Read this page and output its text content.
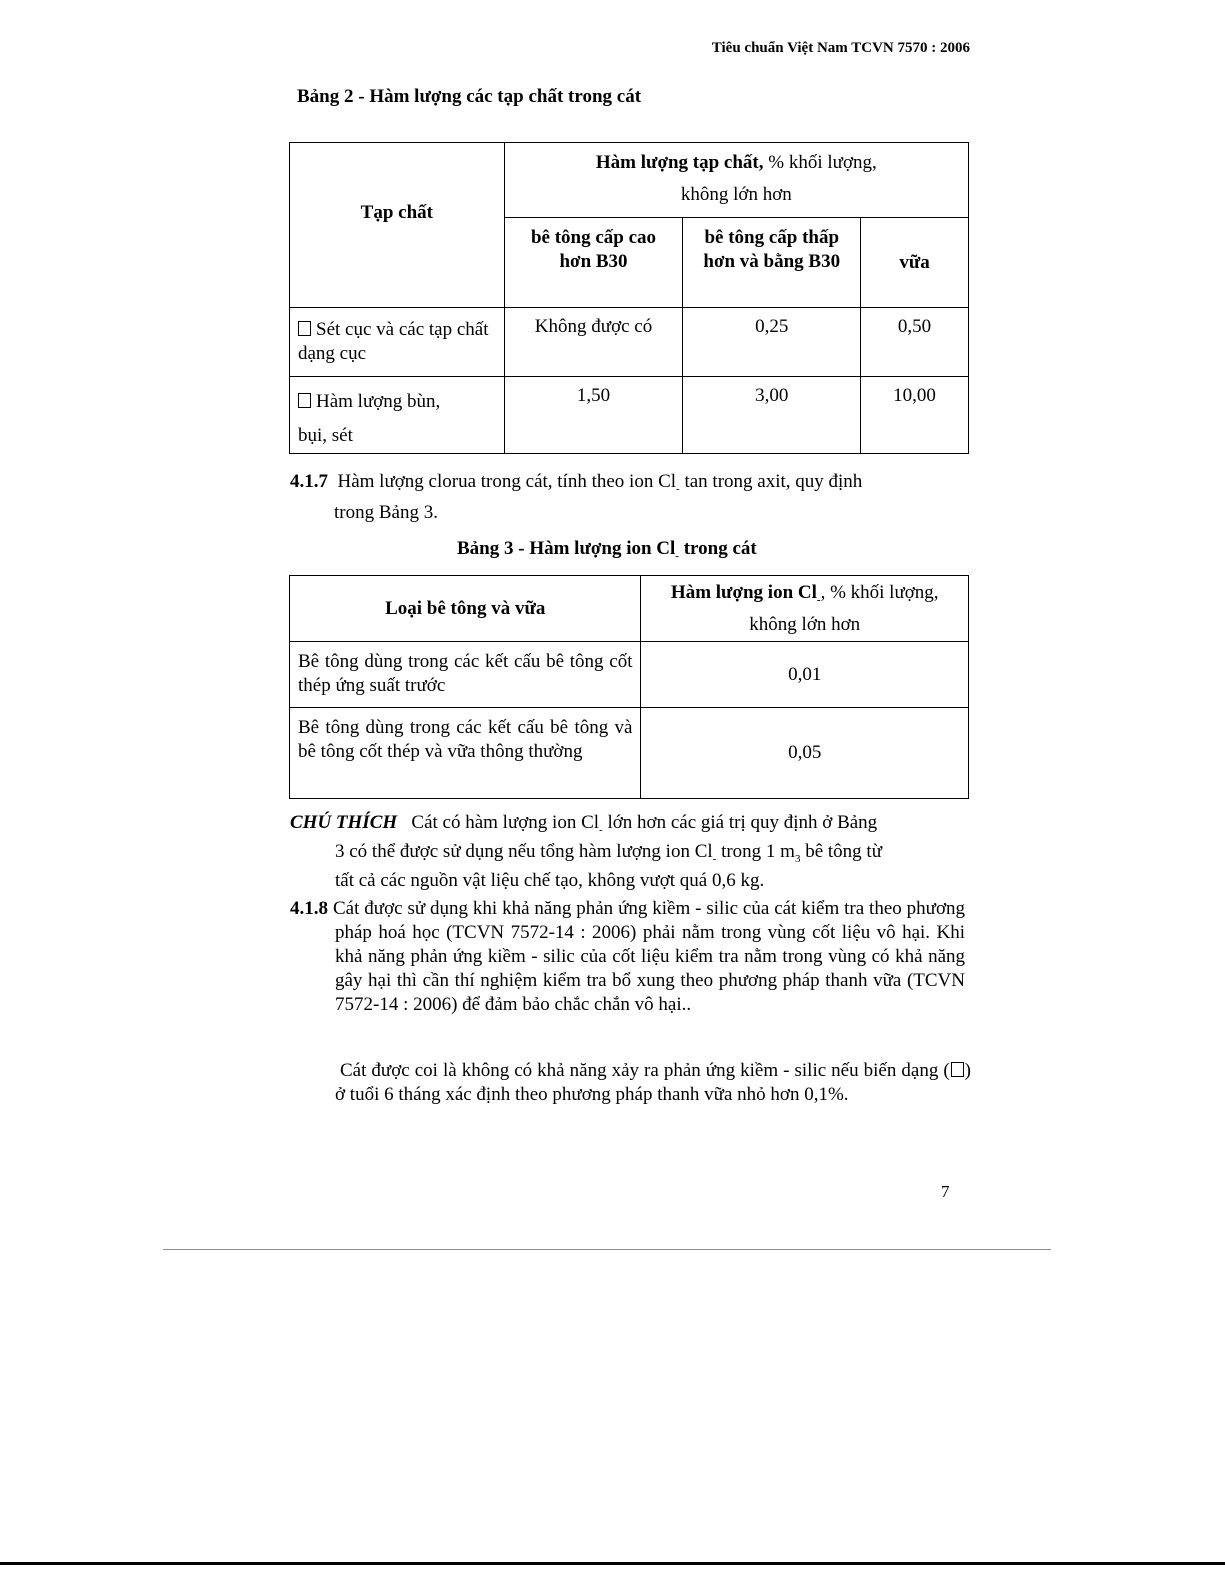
Tiêu chuẩn Việt Nam TCVN 7570 : 2006
Bảng 2 - Hàm lượng các tạp chất trong cát
Tạp chất	Hàm lượng tạp chất, % khối lượng,
không lớn hơn		
	bê tông cấp cao hơn B30	bê tông cấp thấp hơn và bằng B30	vữa
Sét cục và các tạp chất dạng cục	Không được có	0,25	0,50
Hàm lượng bùn,
bụi, sét	1,50	3,00	10,00
4.1.7 Hàm lượng clorua trong cát, tính theo ion $Cl_-$ tan trong axit, quy định
trong Bảng 3.
Bảng 3 - Hàm lượng ion $Cl_-$ trong cát
Loại bê tông và vữa	Hàm lượng ion $Cl_-$, % khối lượng,
không lớn hơn
Bê tông dùng trong các kết cấu bê tông cốt thép ứng suất trước	0,01
Bê tông dùng trong các kết cấu bê tông và bê tông cốt thép và vữa thông thường	0,05
CHÚ THÍCH Cát có hàm lượng ion $Cl_-$ lớn hơn các giá trị quy định ở Bảng
3 có thể được sử dụng nếu tổng hàm lượng ion $Cl_-$ trong 1 $m_3$ bê tông từ
tất cả các nguồn vật liệu chế tạo, không vượt quá 0,6 kg.
4.1.8 Cát được sử dụng khi khả năng phản ứng kiềm - silic của cát kiểm tra theo phương pháp hoá học (TCVN 7572-14 : 2006) phải nằm trong vùng cốt liệu vô hại. Khi khả năng phản ứng kiềm - silic của cốt liệu kiểm tra nằm trong vùng có khả năng gây hại thì cần thí nghiệm kiểm tra bổ xung theo phương pháp thanh vữa (TCVN 7572-14 : 2006) để đảm bảo chắc chắn vô hại..
Cát được coi là không có khả năng xảy ra phản ứng kiềm - silic nếu biến dạng ( ) ở tuổi 6 tháng xác định theo phương pháp thanh vữa nhỏ hơn 0,1%.
7
